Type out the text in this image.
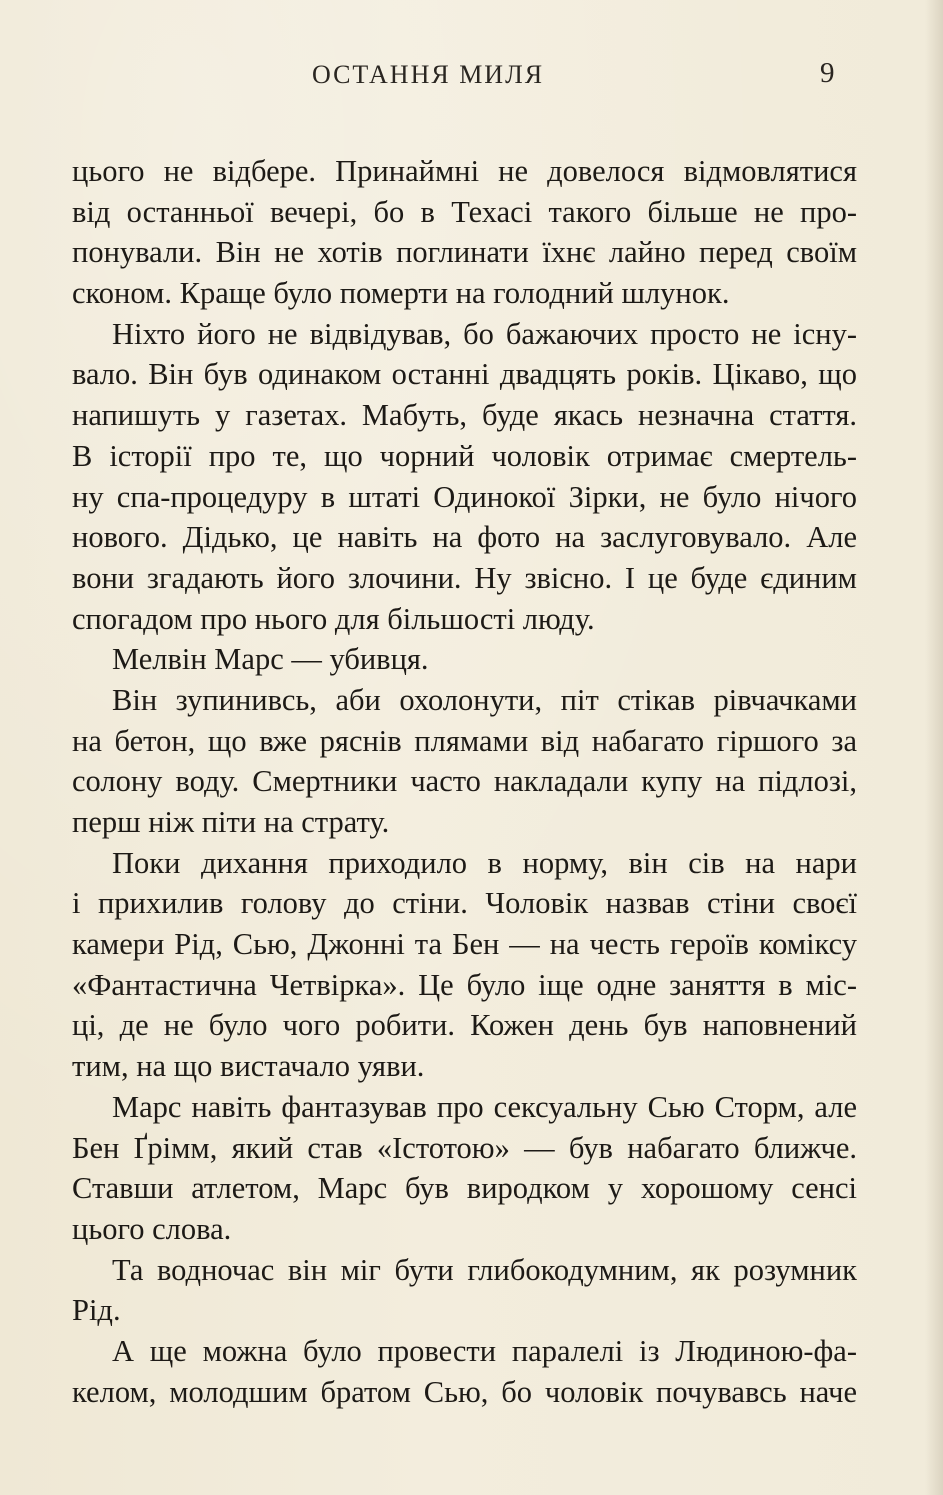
ОСТАННЯ МИЛЯ	9
цього не відбере. Принаймні не довелося відмовлятися
від останньої вечері, бо в Техасі такого більше не про-
понували. Він не хотів поглинати їхнє лайно перед своїм
сконом. Краще було померти на голодний шлунок.
Ніхто його не відвідував, бо бажаючих просто не існу-
вало. Він був одинаком останні двадцять років. Цікаво, що
напишуть у газетах. Мабуть, буде якась незначна стаття.
В історії про те, що чорний чоловік отримає смертель-
ну спа-процедуру в штаті Одинокої Зірки, не було нічого
нового. Дідько, це навіть на фото на заслуговувало. Але
вони згадають його злочини. Ну звісно. І це буде єдиним
спогадом про нього для більшості люду.
Мелвін Марс — убивця.
Він зупинивсь, аби охолонути, піт стікав рівчачками
на бетон, що вже ряснів плямами від набагато гіршого за
солону воду. Смертники часто накладали купу на підлозі,
перш ніж піти на страту.
Поки дихання приходило в норму, він сів на нари
і прихилив голову до стіни. Чоловік назвав стіни своєї
камери Рід, Сью, Джонні та Бен — на честь героїв коміксу
«Фантастична Четвірка». Це було іще одне заняття в міс-
ці, де не було чого робити. Кожен день був наповнений
тим, на що вистачало уяви.
Марс навіть фантазував про сексуальну Сью Сторм, але
Бен Ґрімм, який став «Істотою» — був набагато ближче.
Ставши атлетом, Марс був виродком у хорошому сенсі
цього слова.
Та водночас він міг бути глибокодумним, як розумник
Рід.
А ще можна було провести паралелі із Людиною-фа-
келом, молодшим братом Сью, бо чоловік почувавсь наче
